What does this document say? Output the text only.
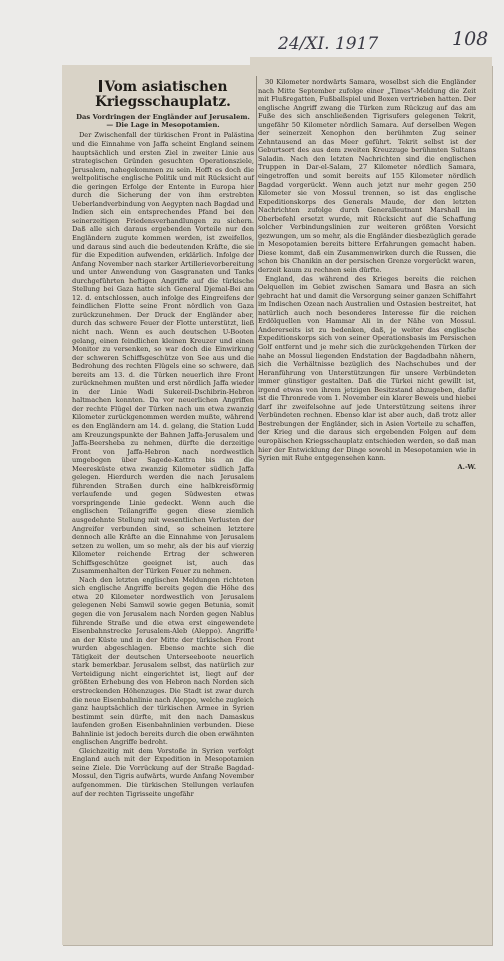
24/XI. 1917	108
Vom asiatischen Kriegsschauplatz.
Das Vordringen der Engländer auf Jerusalem. — Die Lage in Mesopotamien.

Der Zwischenfall der türkischen Front in Palästina und die Einnahme von Jaffa scheint England seinem hauptsächlich und ersten Ziel in zweiter Linie aus strategischen Gründen gesuchten Operationsziele, Jerusalem, nahegekommen zu sein. Hofft es doch die weltpolitische englische Politik und mit Rücksicht auf die geringen Erfolge der Entente in Europa hier durch die Sicherung der von ihm erstrebten Ueberlandverbindung von Aegypten nach Bagdad und Indien sich ein entsprechendes Pfand bei den seinerzeitigen Friedensverhandlungen zu sichern. Daß alle sich daraus ergebenden Vorteile nur den Engländern zugute kommen werden, ist zweifellos, und daraus sind auch die bedeutenden Kräfte, die sie für die Expedition aufwenden, erklärlich. Infolge der Anfang November nach starker Artillerievorbereitung und unter Anwendung von Gasgranaten und Tanks durchgeführten heftigen Angriffe auf die türkische Stellung bei Gaza hatte sich General Djemal-Bei am 12. d. entschlossen, auch infolge des Eingreifens der feindlichen Flotte seine Front nördlich von Gaza zurückzunehmen. Der Druck der Engländer aber, durch das schwere Feuer der Flotte unterstützt, ließ nicht nach. Wenn es auch deutschen U-Booten gelang, einen feindlichen kleinen Kreuzer und einen Monitor zu versenken, so war doch die Einwirkung der schweren Schiffsgeschütze von See aus und die Bedrohung des rechten Flügels eine so schwere, daß bereits am 13. d. die Türken neuerlich ihre Front zurücknehmen mußten und erst nördlich Jaffa wieder in der Linie Wadi Sukereil-Dschibrin-Hebron haltmachen konnten. Da vor neuerlichen Angriffen der rechte Flügel der Türken nach um etwa zwanzig Kilometer zurückgenommen werden mußte, während es den Engländern am 14. d. gelang, die Station Ludd am Kreuzungspunkte der Bahnen Jaffa-Jerusalem und Jaffa-Beersheba zu nehmen, dürfte die derzeitige Front von Jaffa-Hebron nach nordwestlich umgebogen über Sagede-Kattra bis an die Meeresküste etwa zwanzig Kilometer südlich Jaffa gelegen. Hierdurch werden die nach Jerusalem führenden Straßen durch eine halbkreisförmig verlaufende und gegen Südwesten etwas vorspringende Linie gedeckt. Wenn auch die englischen Teilangriffe gegen diese ziemlich ausgedehnte Stellung mit wesentlichen Verlusten der Angreifer verbunden sind, so scheinen letztere dennoch alle Kräfte an die Einnahme von Jerusalem setzen zu wollen, um so mehr, als der bis auf vierzig Kilometer reichende Ertrag der schweren Schiffsgeschütze geeignet ist, auch das Zusammenhalten der Türken Feuer zu nehmen.

Nach den letzten englischen Meldungen richteten sich englische Angriffe bereits gegen die Höhe des etwa 20 Kilometer nordwestlich von Jerusalem gelegenen Nebi Samwil sowie gegen Betunia, somit gegen die von Jerusalem nach Norden gegen Nablus führende Straße und die etwa erst eingewendete Eisenbahnstrecke Jerusalem-Aleb (Aleppo). Angriffe an der Küste und in der Mitte der türkischen Front wurden abgeschlagen. Ebenso machte sich die Tätigkeit der deutschen Unterseeboote neuerlich stark bemerkbar. Jerusalem selbst, das natürlich zur Verteidigung nicht eingerichtet ist, liegt auf der größten Erhebung des von Hebron nach Norden sich erstreckenden Höhenzuges. Die Stadt ist zwar durch die neue Eisenbahnlinie nach Aleppo, welche zugleich ganz hauptsächlich der türkischen Armee in Syrien bestimmt sein dürfte, mit den nach Damaskus laufenden großen Eisenbahnlinien verbunden. Diese Bahnlinie ist jedoch bereits durch die oben erwähnten englischen Angriffe bedroht.

Gleichzeitig mit dem Vorstoße in Syrien verfolgt England auch mit der Expedition in Mesopotamien seine Ziele. Die Vorrückung auf der Straße Bagdad-Mossul, den Tigris aufwärts, wurde Anfang November aufgenommen. Die türkischen Stellungen verlaufen auf der rechten Tigrisseite ungefähr

30 Kilometer nordwärts Samara, woselbst sich die Engländer nach Mitte September zufolge einer „Times“-Meldung die Zeit mit Flußregatten, Fußballspiel und Boxen vertrieben hatten. Der englische Angriff zwang die Türken zum Rückzug auf das am Fuße des sich anschließenden Tigrisufers gelegenen Tekrit, ungefähr 50 Kilometer nördlich Samara. Auf derselben Wegen der seinerzeit Xenophon den berühmten Zug seiner Zehntausend an das Meer geführt. Tekrit selbst ist der Geburtsort des aus dem zweiten Kreuzzuge berühmten Sultans Saladin. Nach den letzten Nachrichten sind die englischen Truppen in Dar-el-Salam, 27 Kilometer nördlich Samara, eingetroffen und somit bereits auf 155 Kilometer nördlich Bagdad vorgerückt. Wenn auch jetzt nur mehr gegen 250 Kilometer sie von Mossul trennen, so ist das englische Expeditionskorps des Generals Maude, der den letzten Nachrichten zufolge durch Generalleutnant Marshall im Oberbefehl ersetzt wurde, mit Rücksicht auf die Schaffung solcher Verbindungslinien zur weiteren größten Vorsicht gezwungen, um so mehr, als die Engländer diesbezüglich gerade in Mesopotamien bereits bittere Erfahrungen gemacht haben. Diese kommt, daß ein Zusammenwirken durch die Russen, die schon bis Chanikin an der persischen Grenze vorgerückt waren, derzeit kaum zu rechnen sein dürfte.

England, das während des Krieges bereits die reichen Oelquellen im Gebiet zwischen Samara und Basra an sich gebracht hat und damit die Versorgung seiner ganzen Schiffahrt im Indischen Ozean nach Australien und Ostasien bestreitet, hat natürlich auch noch besonderes Interesse für die reichen Erdölquellen von Hammar Ali in der Nähe von Mossul. Andererseits ist zu bedenken, daß, je weiter das englische Expeditionskorps sich von seiner Operationsbasis im Persischen Golf entfernt und je mehr sich die zurückgehenden Türken der nahe an Mossul liegenden Endstation der Bagdadbahn nähern, sich die Verhältnisse bezüglich des Nachschubes und der Heranführung von Unterstützungen für unsere Verbündeten immer günstiger gestalten. Daß die Türkei nicht gewillt ist, irgend etwas von ihrem jetzigen Besitzstand abzugeben, dafür ist die Thronrede vom 1. November ein klarer Beweis und hiebei darf ihr zweifelsohne auf jede Unterstützung seitens ihrer Verbündeten rechnen. Ebenso klar ist aber auch, daß trotz aller Bestrebungen der Engländer, sich in Asien Vorteile zu schaffen, der Krieg und die daraus sich ergebenden Folgen auf dem europäischen Kriegsschauplatz entschieden werden, so daß man hier der Entwicklung der Dinge sowohl in Mesopotamien wie in Syrien mit Ruhe entgegensehen kann.

A.-W.
